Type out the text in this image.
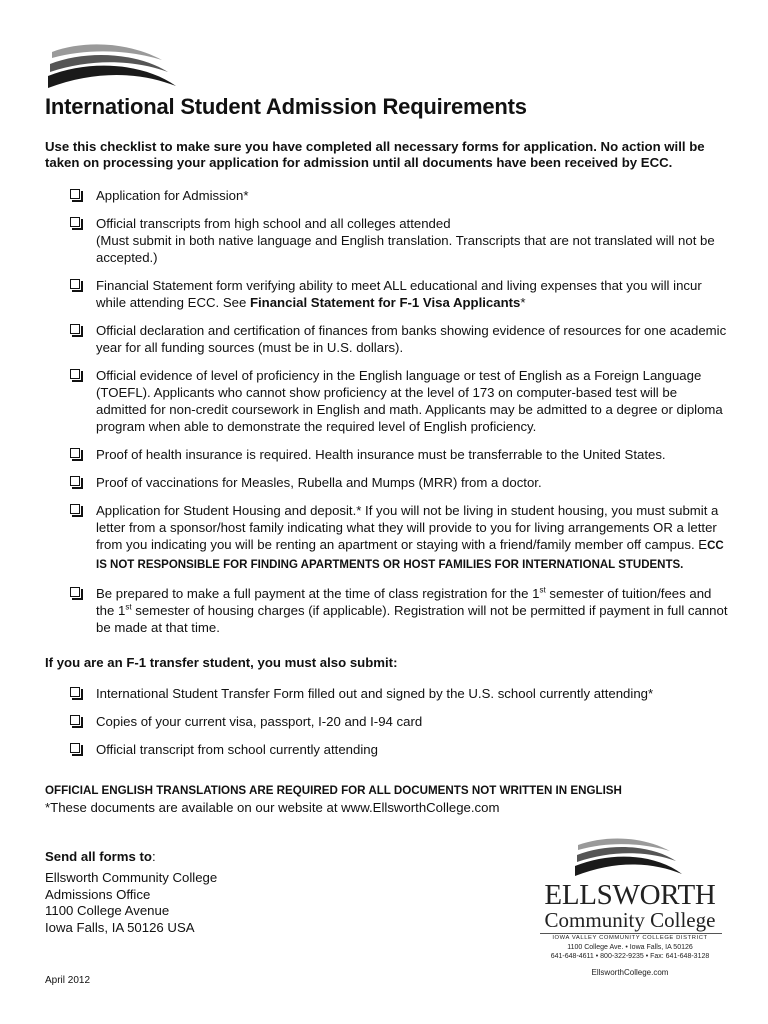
International Student Admission Requirements

Use this checklist to make sure you have completed all necessary forms for application. No action will be taken on processing your application for admission until all documents have been received by ECC.

Application for Admission*
Official transcripts from high school and all colleges attended
(Must submit in both native language and English translation. Transcripts that are not translated will not be accepted.)
Financial Statement form verifying ability to meet ALL educational and living expenses that you will incur while attending ECC. See Financial Statement for F-1 Visa Applicants*
Official declaration and certification of finances from banks showing evidence of resources for one academic year for all funding sources (must be in U.S. dollars).
Official evidence of level of proficiency in the English language or test of English as a Foreign Language (TOEFL). Applicants who cannot show proficiency at the level of 173 on computer-based test will be admitted for non-credit coursework in English and math. Applicants may be admitted to a degree or diploma program when able to demonstrate the required level of English proficiency.
Proof of health insurance is required. Health insurance must be transferrable to the United States.
Proof of vaccinations for Measles, Rubella and Mumps (MRR) from a doctor.
Application for Student Housing and deposit.* If you will not be living in student housing, you must submit a letter from a sponsor/host family indicating what they will provide to you for living arrangements OR a letter from you indicating you will be renting an apartment or staying with a friend/family member off campus. ECC IS NOT RESPONSIBLE FOR FINDING APARTMENTS OR HOST FAMILIES FOR INTERNATIONAL STUDENTS.
Be prepared to make a full payment at the time of class registration for the 1st semester of tuition/fees and the 1st semester of housing charges (if applicable). Registration will not be permitted if payment in full cannot be made at that time.

If you are an F-1 transfer student, you must also submit:

International Student Transfer Form filled out and signed by the U.S. school currently attending*
Copies of your current visa, passport, I-20 and I-94 card
Official transcript from school currently attending

OFFICIAL ENGLISH TRANSLATIONS ARE REQUIRED FOR ALL DOCUMENTS NOT WRITTEN IN ENGLISH

*These documents are available on our website at www.EllsworthCollege.com

Send all forms to:

Ellsworth Community College
Admissions Office
1100 College Avenue
Iowa Falls, IA 50126 USA

April 2012

ELLSWORTH
Community College
IOWA VALLEY COMMUNITY COLLEGE DISTRICT
1100 College Ave. • Iowa Falls, IA 50126
641-648-4611 • 800-322-9235 • Fax: 641-648-3128
EllsworthCollege.com
